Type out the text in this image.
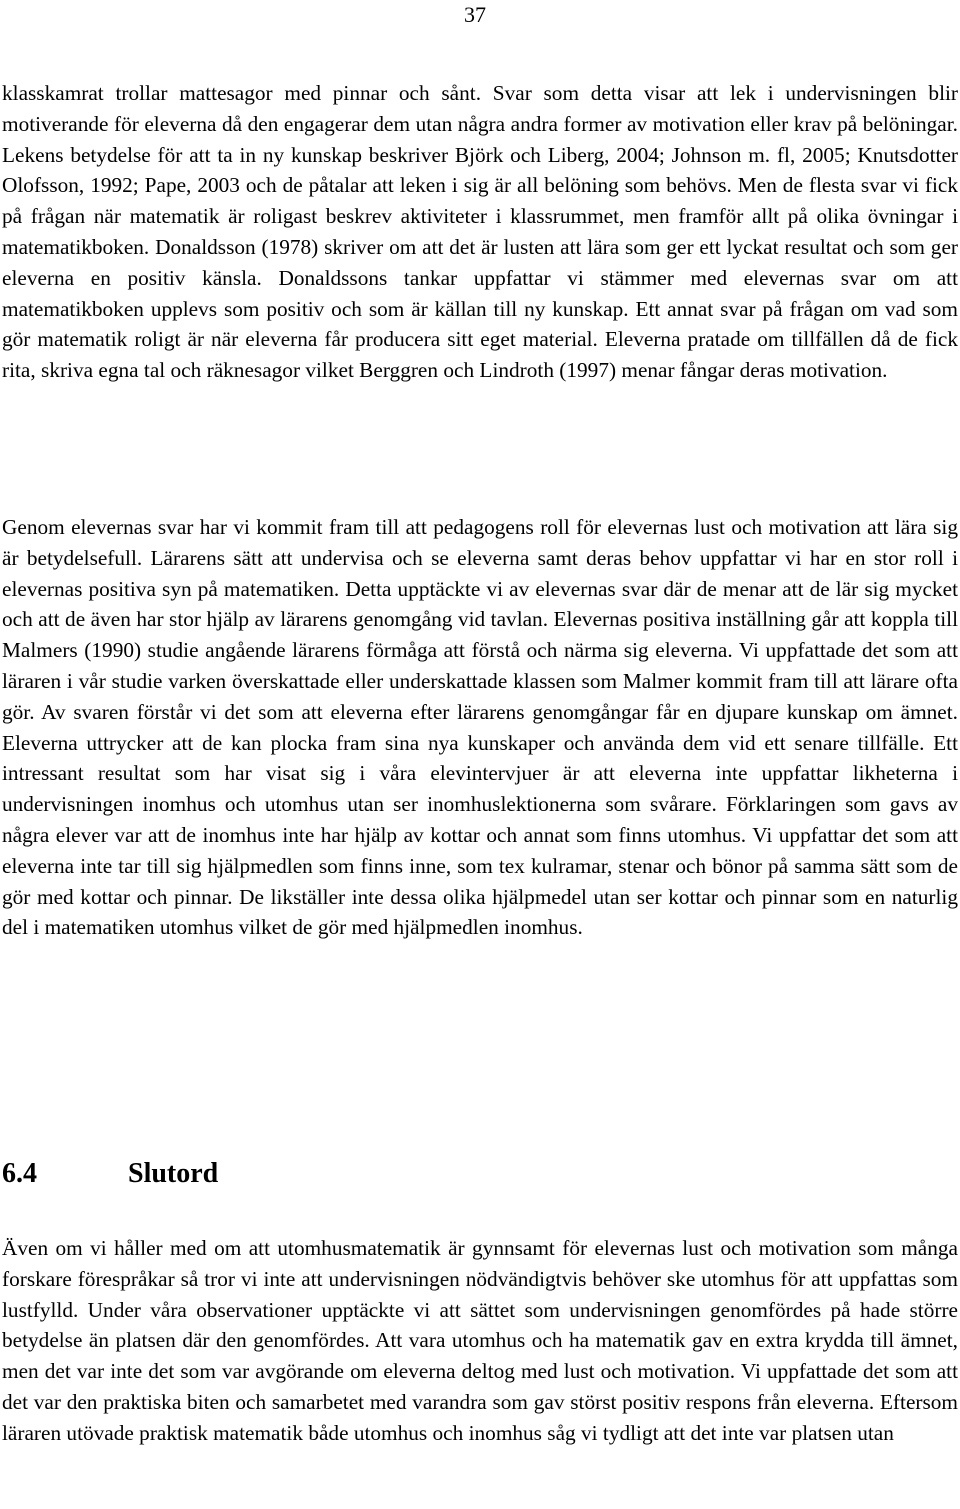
37

klasskamrat trollar mattesagor med pinnar och sånt. Svar som detta visar att lek i undervisningen blir motiverande för eleverna då den engagerar dem utan några andra former av motivation eller krav på belöningar. Lekens betydelse för att ta in ny kunskap beskriver Björk och Liberg, 2004; Johnson m. fl, 2005; Knutsdotter Olofsson, 1992; Pape, 2003 och de påtalar att leken i sig är all belöning som behövs. Men de flesta svar vi fick på frågan när matematik är roligast beskrev aktiviteter i klassrummet, men framför allt på olika övningar i matematikboken. Donaldsson (1978) skriver om att det är lusten att lära som ger ett lyckat resultat och som ger eleverna en positiv känsla. Donaldssons tankar uppfattar vi stämmer med elevernas svar om att matematikboken upplevs som positiv och som är källan till ny kunskap. Ett annat svar på frågan om vad som gör matematik roligt är när eleverna får producera sitt eget material. Eleverna pratade om tillfällen då de fick rita, skriva egna tal och räknesagor vilket Berggren och Lindroth (1997) menar fångar deras motivation.

Genom elevernas svar har vi kommit fram till att pedagogens roll för elevernas lust och motivation att lära sig är betydelsefull. Lärarens sätt att undervisa och se eleverna samt deras behov uppfattar vi har en stor roll i elevernas positiva syn på matematiken. Detta upptäckte vi av elevernas svar där de menar att de lär sig mycket och att de även har stor hjälp av lärarens genomgång vid tavlan. Elevernas positiva inställning går att koppla till Malmers (1990) studie angående lärarens förmåga att förstå och närma sig eleverna. Vi uppfattade det som att läraren i vår studie varken överskattade eller underskattade klassen som Malmer kommit fram till att lärare ofta gör. Av svaren förstår vi det som att eleverna efter lärarens genomgångar får en djupare kunskap om ämnet. Eleverna uttrycker att de kan plocka fram sina nya kunskaper och använda dem vid ett senare tillfälle. Ett intressant resultat som har visat sig i våra elevintervjuer är att eleverna inte uppfattar likheterna i undervisningen inomhus och utomhus utan ser inomhuslektionerna som svårare. Förklaringen som gavs av några elever var att de inomhus inte har hjälp av kottar och annat som finns utomhus. Vi uppfattar det som att eleverna inte tar till sig hjälpmedlen som finns inne, som tex kulramar, stenar och bönor på samma sätt som de gör med kottar och pinnar. De likställer inte dessa olika hjälpmedel utan ser kottar och pinnar som en naturlig del i matematiken utomhus vilket de gör med hjälpmedlen inomhus.

6.4	Slutord

Även om vi håller med om att utomhusmatematik är gynnsamt för elevernas lust och motivation som många forskare förespråkar så tror vi inte att undervisningen nödvändigtvis behöver ske utomhus för att uppfattas som lustfylld. Under våra observationer upptäckte vi att sättet som undervisningen genomfördes på hade större betydelse än platsen där den genomfördes. Att vara utomhus och ha matematik gav en extra krydda till ämnet, men det var inte det som var avgörande om eleverna deltog med lust och motivation. Vi uppfattade det som att det var den praktiska biten och samarbetet med varandra som gav störst positiv respons från eleverna. Eftersom läraren utövade praktisk matematik både utomhus och inomhus såg vi tydligt att det inte var platsen utan
